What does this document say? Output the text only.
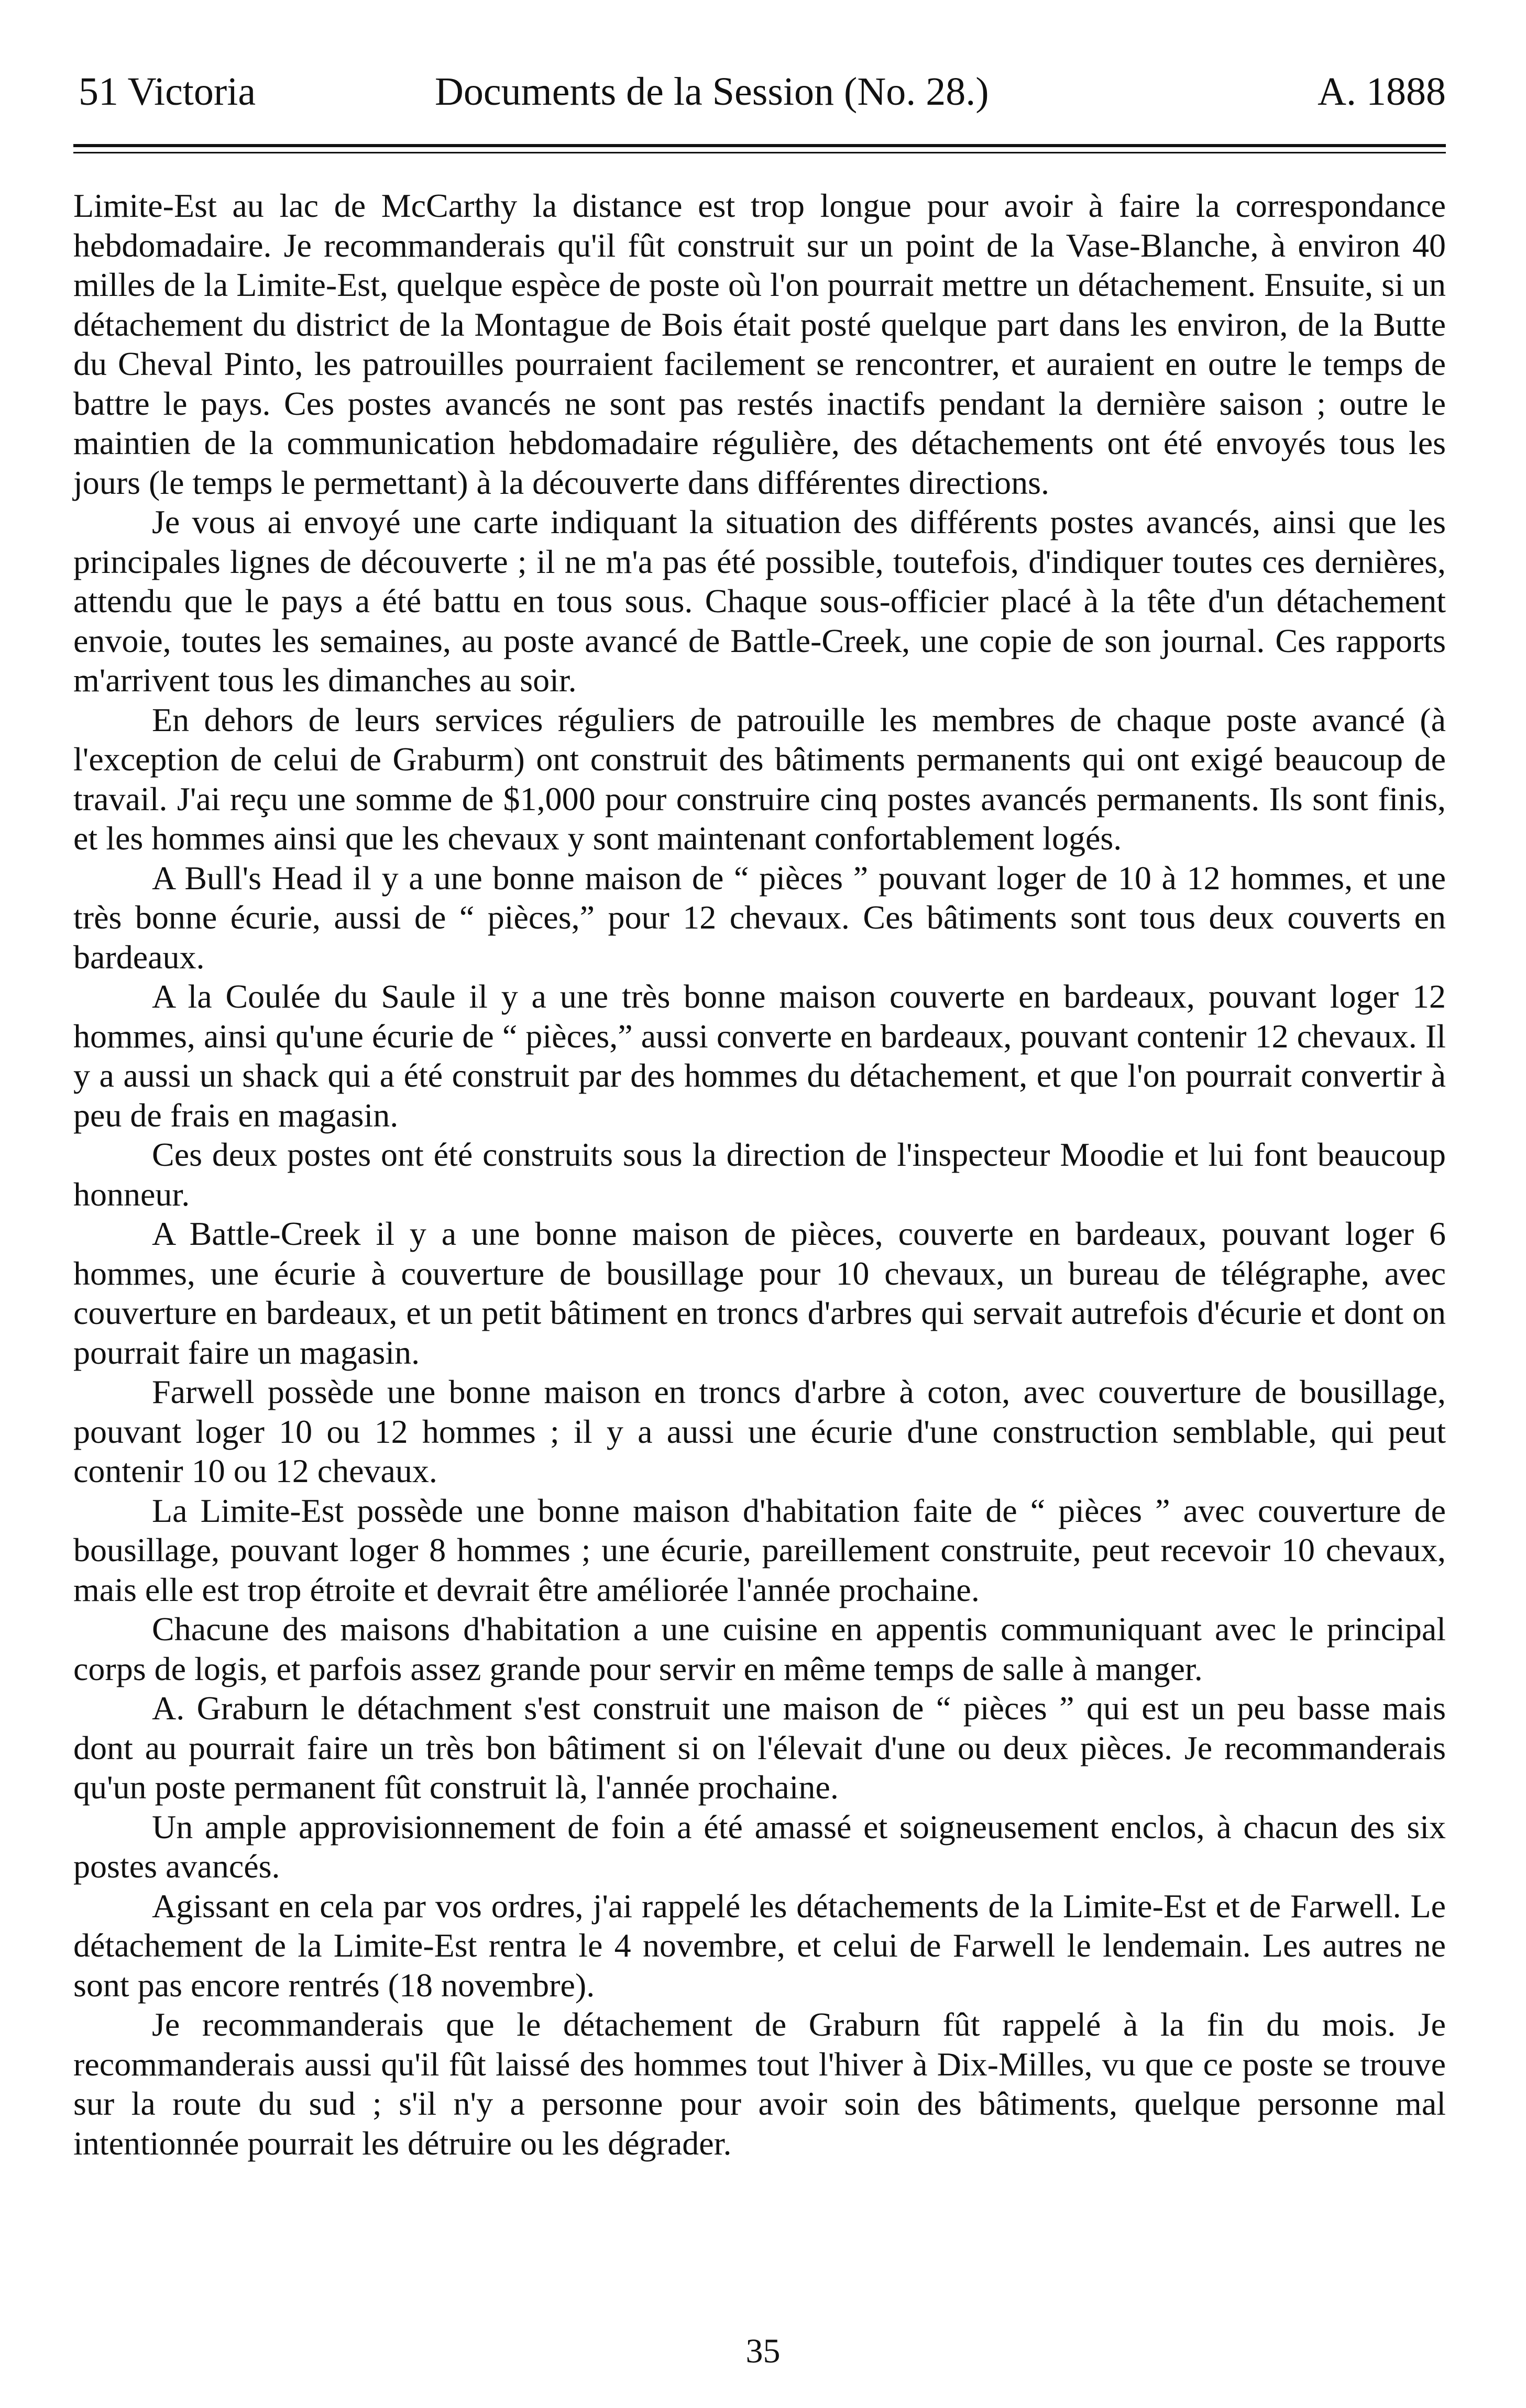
51 Victoria	Documents de la Session (No. 28.)	A. 1888

Limite-Est au lac de McCarthy la distance est trop longue pour avoir à faire la correspondance hebdomadaire. Je recommanderais qu'il fût construit sur un point de la Vase-Blanche, à environ 40 milles de la Limite-Est, quelque espèce de poste où l'on pourrait mettre un détachement. Ensuite, si un détachement du district de la Montague de Bois était posté quelque part dans les environ, de la Butte du Cheval Pinto, les patrouilles pourraient facilement se rencontrer, et auraient en outre le temps de battre le pays. Ces postes avancés ne sont pas restés inactifs pendant la dernière saison ; outre le maintien de la communication hebdomadaire régulière, des détachements ont été envoyés tous les jours (le temps le permettant) à la découverte dans différentes directions.

Je vous ai envoyé une carte indiquant la situation des différents postes avancés, ainsi que les principales lignes de découverte ; il ne m'a pas été possible, toutefois, d'indiquer toutes ces dernières, attendu que le pays a été battu en tous sous. Chaque sous-officier placé à la tête d'un détachement envoie, toutes les semaines, au poste avancé de Battle-Creek, une copie de son journal. Ces rapports m'arrivent tous les dimanches au soir.

En dehors de leurs services réguliers de patrouille les membres de chaque poste avancé (à l'exception de celui de Graburm) ont construit des bâtiments permanents qui ont exigé beaucoup de travail. J'ai reçu une somme de $1,000 pour construire cinq postes avancés permanents. Ils sont finis, et les hommes ainsi que les chevaux y sont maintenant confortablement logés.

A Bull's Head il y a une bonne maison de “ pièces ” pouvant loger de 10 à 12 hommes, et une très bonne écurie, aussi de “ pièces,” pour 12 chevaux. Ces bâtiments sont tous deux couverts en bardeaux.

A la Coulée du Saule il y a une très bonne maison couverte en bardeaux, pouvant loger 12 hommes, ainsi qu'une écurie de “ pièces,” aussi converte en bardeaux, pouvant contenir 12 chevaux. Il y a aussi un shack qui a été construit par des hommes du détachement, et que l'on pourrait convertir à peu de frais en magasin.

Ces deux postes ont été construits sous la direction de l'inspecteur Moodie et lui font beaucoup honneur.

A Battle-Creek il y a une bonne maison de pièces, couverte en bardeaux, pouvant loger 6 hommes, une écurie à couverture de bousillage pour 10 chevaux, un bureau de télégraphe, avec couverture en bardeaux, et un petit bâtiment en troncs d'arbres qui servait autrefois d'écurie et dont on pourrait faire un magasin.

Farwell possède une bonne maison en troncs d'arbre à coton, avec couverture de bousillage, pouvant loger 10 ou 12 hommes ; il y a aussi une écurie d'une construction semblable, qui peut contenir 10 ou 12 chevaux.

La Limite-Est possède une bonne maison d'habitation faite de “ pièces ” avec couverture de bousillage, pouvant loger 8 hommes ; une écurie, pareillement construite, peut recevoir 10 chevaux, mais elle est trop étroite et devrait être améliorée l'année prochaine.

Chacune des maisons d'habitation a une cuisine en appentis communiquant avec le principal corps de logis, et parfois assez grande pour servir en même temps de salle à manger.

A. Graburn le détachment s'est construit une maison de “ pièces ” qui est un peu basse mais dont au pourrait faire un très bon bâtiment si on l'élevait d'une ou deux pièces. Je recommanderais qu'un poste permanent fût construit là, l'année prochaine.

Un ample approvisionnement de foin a été amassé et soigneusement enclos, à chacun des six postes avancés.

Agissant en cela par vos ordres, j'ai rappelé les détachements de la Limite-Est et de Farwell. Le détachement de la Limite-Est rentra le 4 novembre, et celui de Farwell le lendemain. Les autres ne sont pas encore rentrés (18 novembre).

Je recommanderais que le détachement de Graburn fût rappelé à la fin du mois. Je recommanderais aussi qu'il fût laissé des hommes tout l'hiver à Dix-Milles, vu que ce poste se trouve sur la route du sud ; s'il n'y a personne pour avoir soin des bâtiments, quelque personne mal intentionnée pourrait les détruire ou les dégrader.

35
